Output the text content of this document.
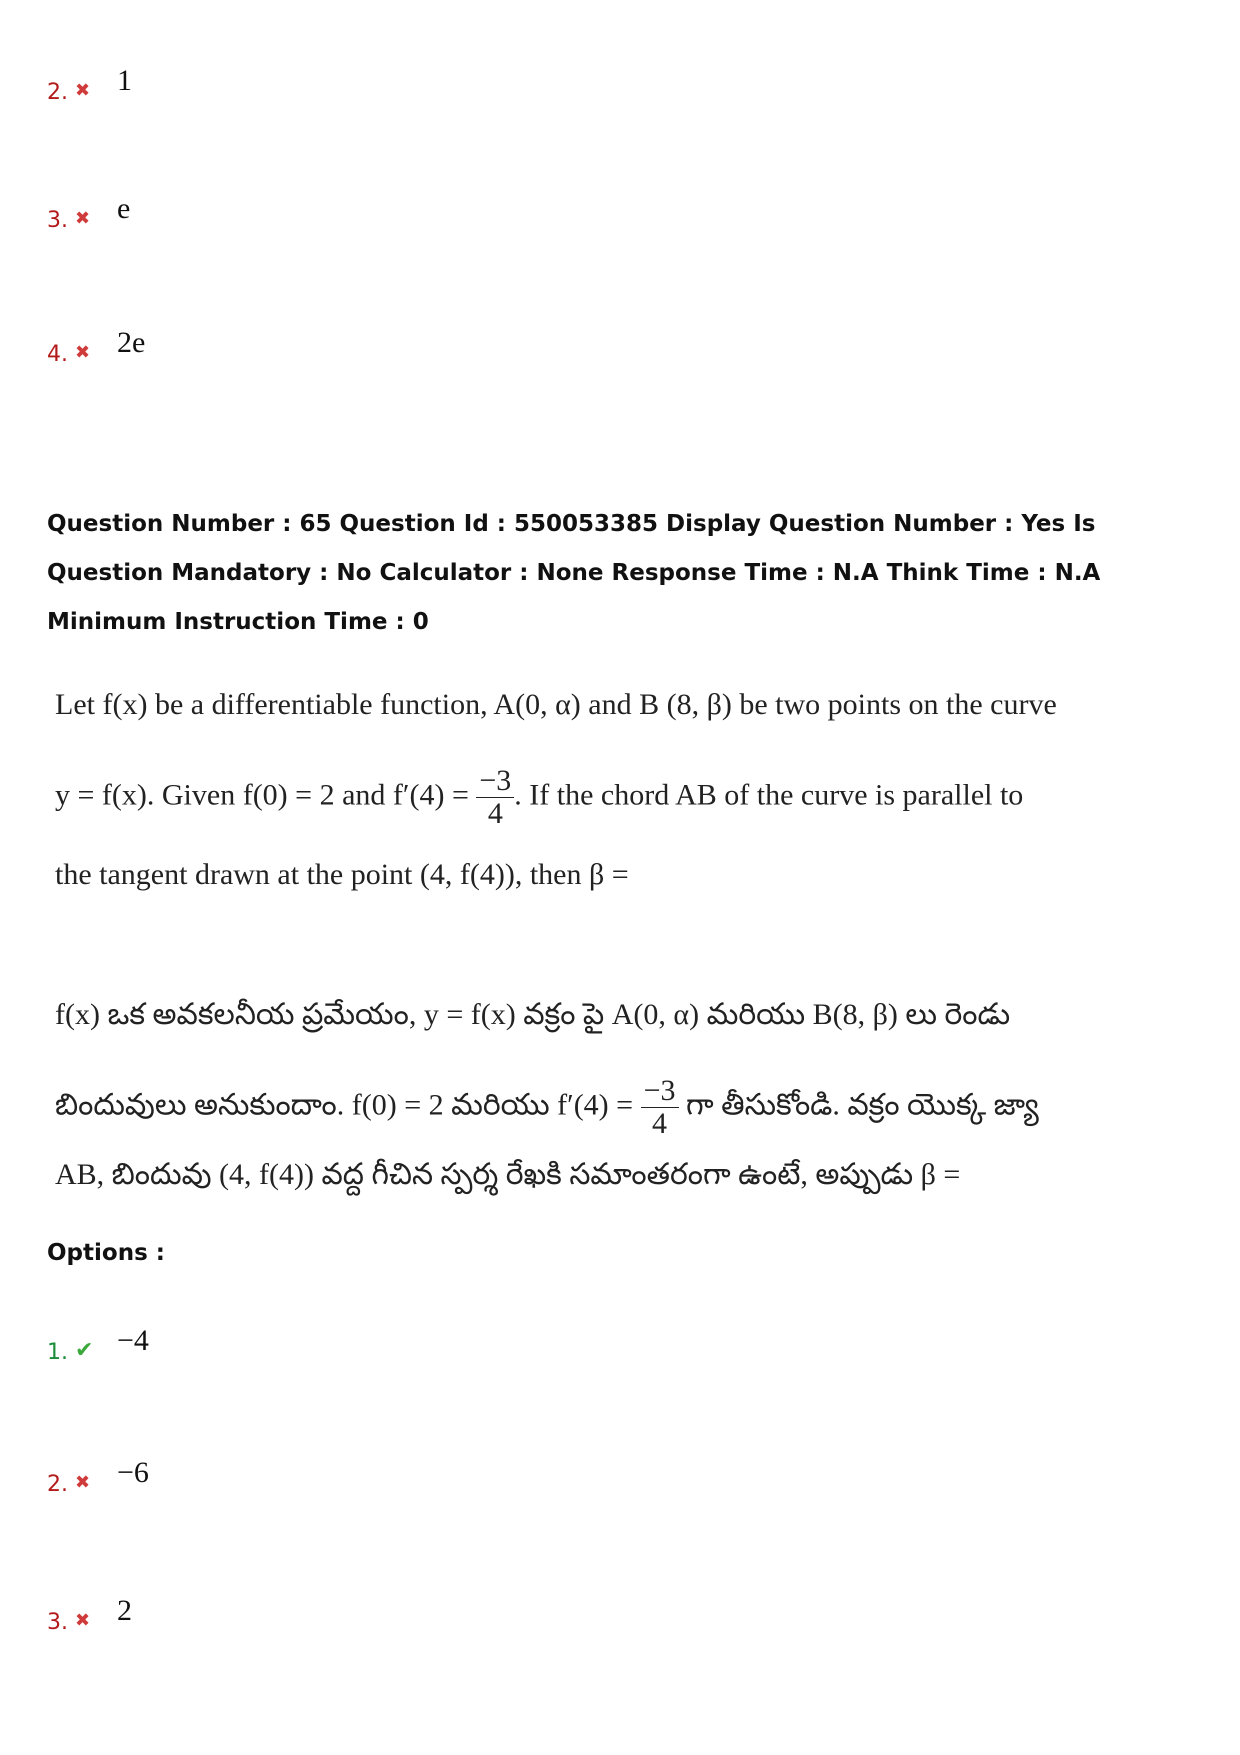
2. ✖ 1
3. ✖ e
4. ✖ 2e
Question Number : 65 Question Id : 550053385 Display Question Number : Yes Is Question Mandatory : No Calculator : None Response Time : N.A Think Time : N.A Minimum Instruction Time : 0

Let f(x) be a differentiable function, A(0, α) and B (8, β) be two points on the curve

y = f(x). Given f(0) = 2 and $f'(4) = \frac{-3}{4}$ . If the chord AB of the curve is parallel to

the tangent drawn at the point (4, f(4)), then β =

f(x) ఒక అవకలనీయ ప్రమేయం, y = f(x) వక్రం పై A(0, α) మరియు B(8, β) లు రెండు

బిందువులు అనుకుందాం. f(0) = 2 మరియు $f'(4) = \frac{-3}{4}$ గా తీసుకోండి. వక్రం యొక్క జ్యా

AB, బిందువు (4, f(4)) వద్ద గీచిన స్పర్శ రేఖకి సమాంతరంగా ఉంటే, అప్పుడు β =

Options :
1. ✔ −4
2. ✖ −6
3. ✖ 2
